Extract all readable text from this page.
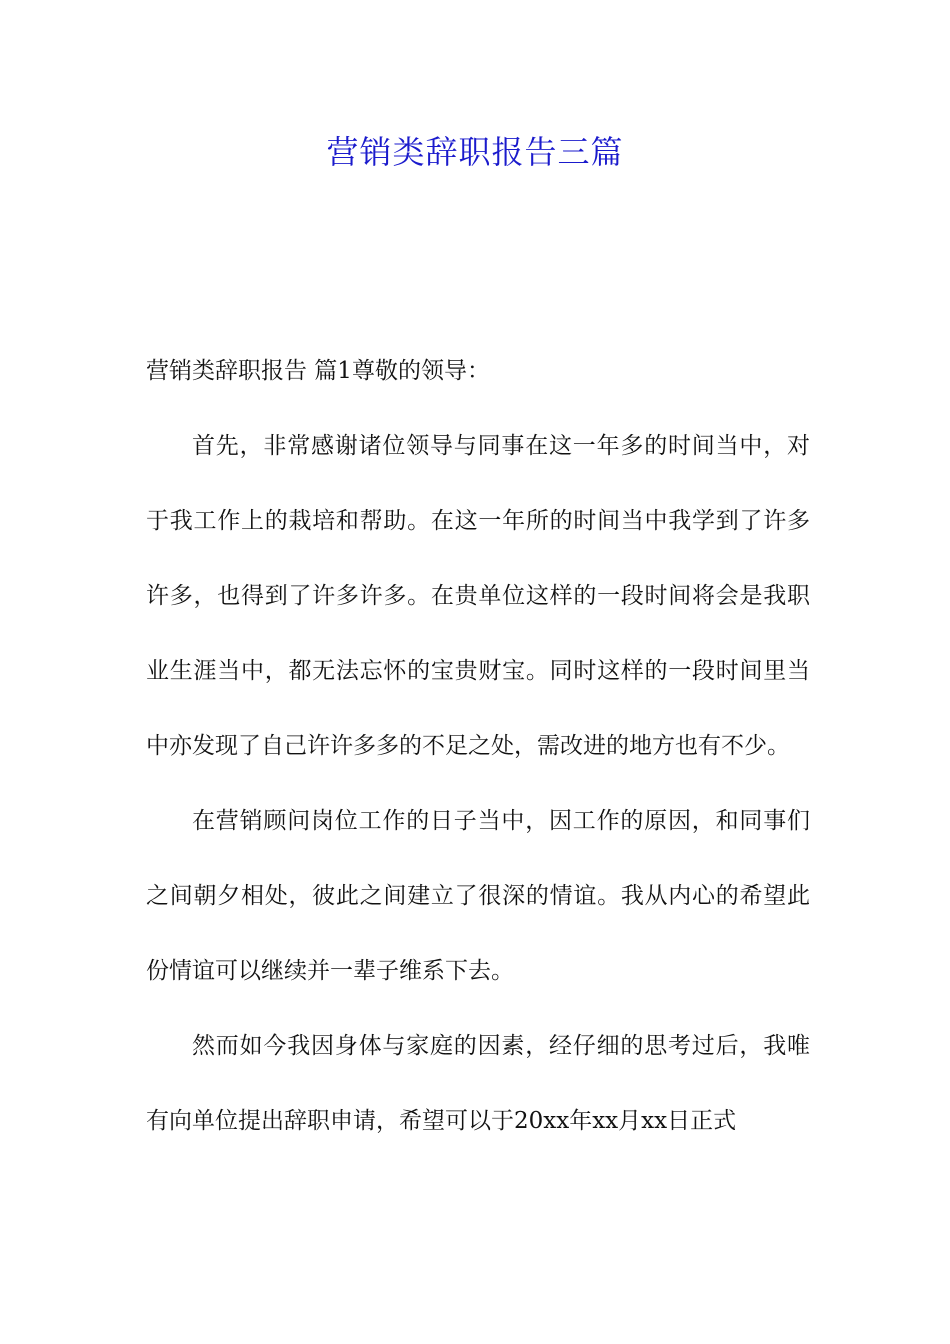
营销类辞职报告三篇

营销类辞职报告 篇1尊敬的领导：

首先，非常感谢诸位领导与同事在这一年多的时间当中，对于我工作上的栽培和帮助。在这一年所的时间当中我学到了许多许多，也得到了许多许多。在贵单位这样的一段时间将会是我职业生涯当中，都无法忘怀的宝贵财宝。同时这样的一段时间里当中亦发现了自己许许多多的不足之处，需改进的地方也有不少。

在营销顾问岗位工作的日子当中，因工作的原因，和同事们之间朝夕相处，彼此之间建立了很深的情谊。我从内心的希望此份情谊可以继续并一辈子维系下去。

然而如今我因身体与家庭的因素，经仔细的思考过后，我唯有向单位提出辞职申请，希望可以于20xx年xx月xx日正式
